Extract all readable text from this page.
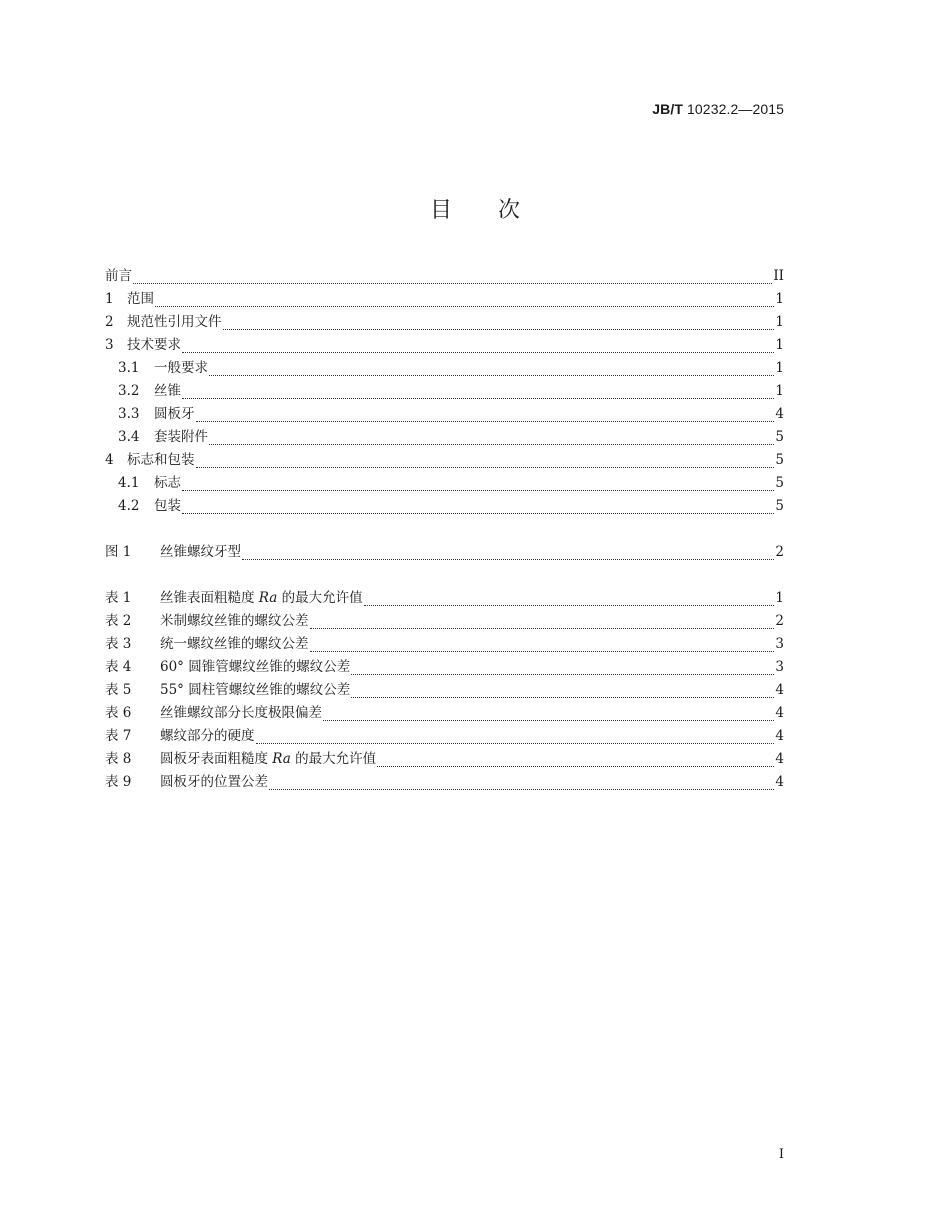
JB/T 10232.2—2015
目 次
前言	II
1 范围	1
2 规范性引用文件	1
3 技术要求	1
3.1	一般要求	1
3.2	丝锥	1
3.3	圆板牙	4
3.4	套装附件	5
4 标志和包装	5
4.1	标志	5
4.2	包装	5
图 1	丝锥螺纹牙型	2
表 1	丝锥表面粗糙度 Ra 的最大允许值	1
表 2	米制螺纹丝锥的螺纹公差	2
表 3	统一螺纹丝锥的螺纹公差	3
表 4	60° 圆锥管螺纹丝锥的螺纹公差	3
表 5	55° 圆柱管螺纹丝锥的螺纹公差	4
表 6	丝锥螺纹部分长度极限偏差	4
表 7	螺纹部分的硬度	4
表 8	圆板牙表面粗糙度 Ra 的最大允许值	4
表 9	圆板牙的位置公差	4
I
